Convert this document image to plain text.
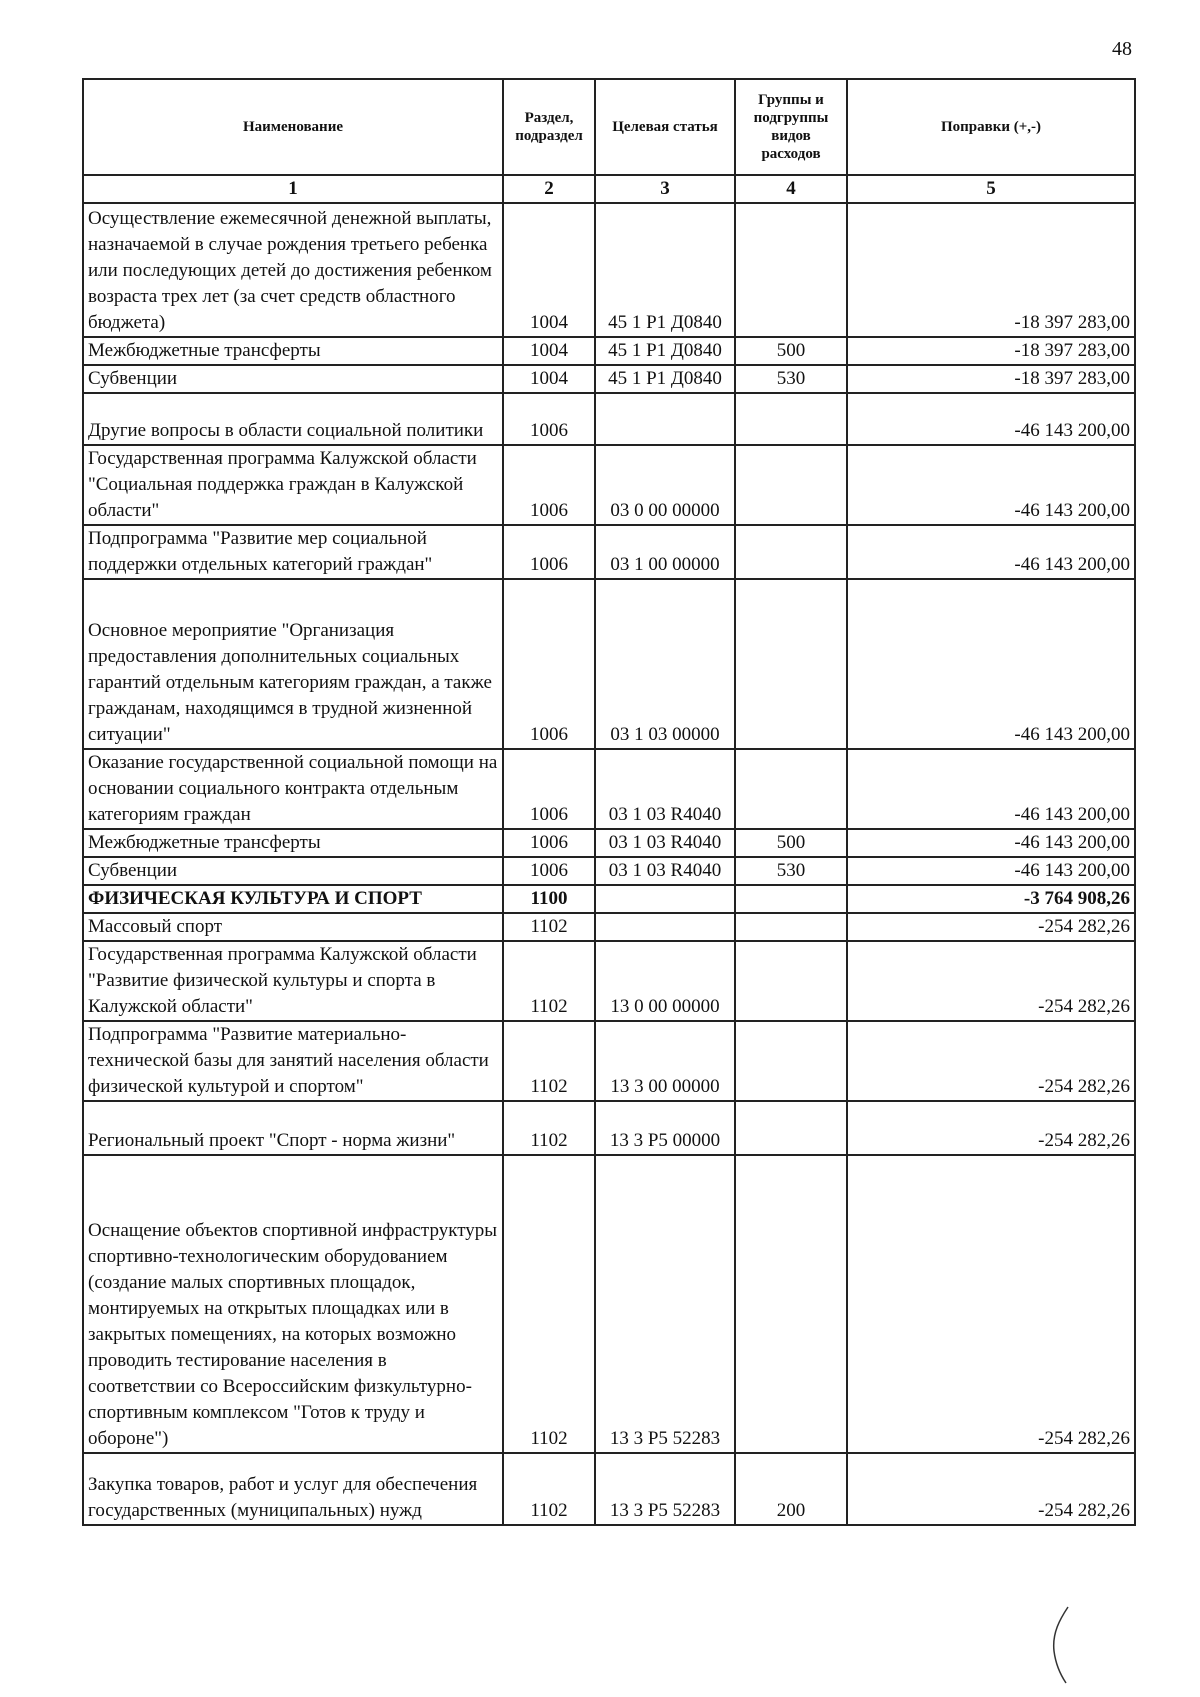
48
Наименование	Раздел, подраздел	Целевая статья	Группы и подгруппы видов расходов	Поправки (+,-)
1	2	3	4	5
Осуществление ежемесячной денежной выплаты, назначаемой в случае рождения третьего ребенка или последующих детей до достижения ребенком возраста трех лет (за счет средств областного бюджета)	1004	45 1 P1 Д0840		-18 397 283,00
Межбюджетные трансферты	1004	45 1 P1 Д0840	500	-18 397 283,00
Субвенции	1004	45 1 P1 Д0840	530	-18 397 283,00
Другие вопросы в области социальной политики	1006			-46 143 200,00
Государственная программа Калужской области "Социальная поддержка граждан в Калужской области"	1006	03 0 00 00000		-46 143 200,00
Подпрограмма "Развитие мер социальной поддержки отдельных категорий граждан"	1006	03 1 00 00000		-46 143 200,00
Основное мероприятие "Организация предоставления дополнительных социальных гарантий отдельным категориям граждан, а также гражданам, находящимся в трудной жизненной ситуации"	1006	03 1 03 00000		-46 143 200,00
Оказание государственной социальной помощи на основании социального контракта отдельным категориям граждан	1006	03 1 03 R4040		-46 143 200,00
Межбюджетные трансферты	1006	03 1 03 R4040	500	-46 143 200,00
Субвенции	1006	03 1 03 R4040	530	-46 143 200,00
ФИЗИЧЕСКАЯ КУЛЬТУРА И СПОРТ	1100			-3 764 908,26
Массовый спорт	1102			-254 282,26
Государственная программа Калужской области "Развитие физической культуры и спорта в Калужской области"	1102	13 0 00 00000		-254 282,26
Подпрограмма "Развитие материально-технической базы для занятий населения области физической культурой и спортом"	1102	13 3 00 00000		-254 282,26
Региональный проект "Спорт - норма жизни"	1102	13 3 P5 00000		-254 282,26
Оснащение объектов спортивной инфраструктуры спортивно-технологическим оборудованием (создание малых спортивных площадок, монтируемых на открытых площадках или в закрытых помещениях, на которых возможно проводить тестирование населения в соответствии со Всероссийским физкультурно-спортивным комплексом "Готов к труду и обороне")	1102	13 3 P5 52283		-254 282,26
Закупка товаров, работ и услуг для обеспечения государственных (муниципальных) нужд	1102	13 3 P5 52283	200	-254 282,26
